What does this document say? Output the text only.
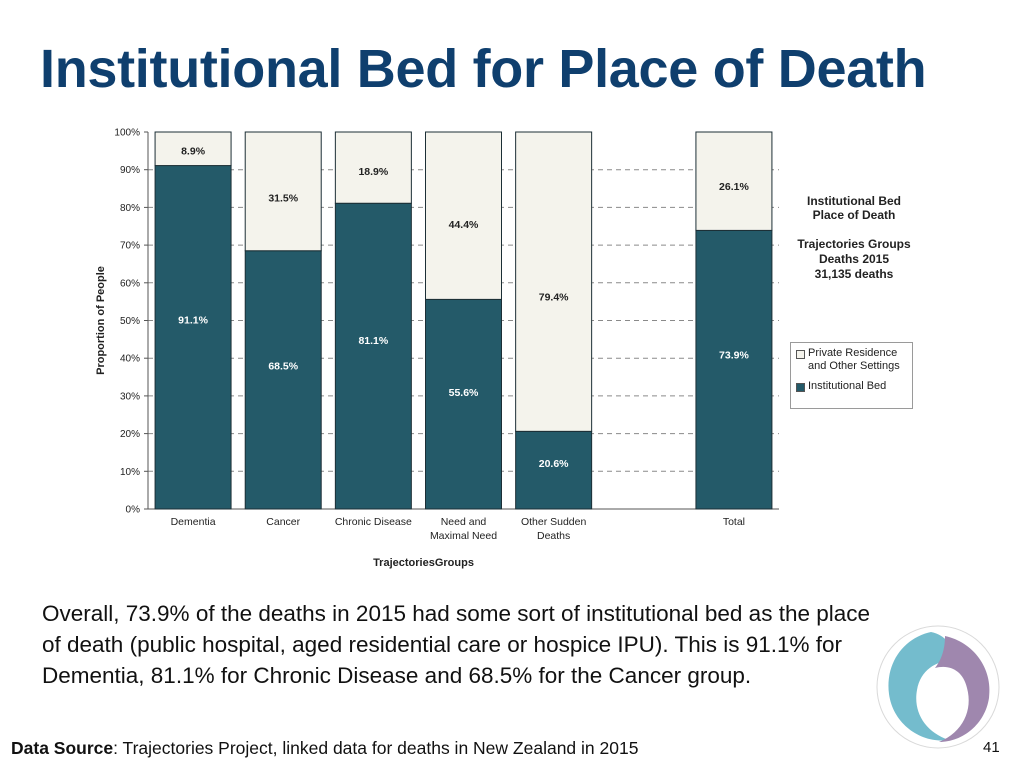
Institutional Bed for Place of Death
0%
10%
20%
30%
40%
50%
60%
70%
80%
90%
100%
91.1%
8.9%
Dementia
68.5%
31.5%
Cancer
81.1%
18.9%
Chronic Disease
55.6%
44.4%
Need and
Maximal Need
20.6%
79.4%
Other Sudden
Deaths
73.9%
26.1%
Total
TrajectoriesGroups
Proportion of People
Institutional Bed
Place of Death
Trajectories Groups
Deaths 2015
31,135 deaths
Private Residence and Other Settings
Institutional Bed

Overall, 73.9% of the deaths in 2015 had some sort of institutional bed as the place of death (public hospital, aged residential care or hospice IPU). This is 91.1% for Dementia, 81.1% for Chronic Disease and 68.5% for the Cancer group.

Data Source: Trajectories Project, linked data for deaths in New Zealand in 2015	41
